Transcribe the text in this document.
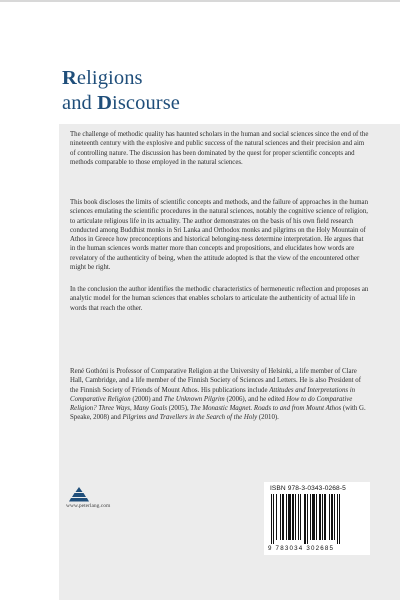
Religions
and Discourse

The challenge of methodic quality has haunted scholars in the human and social sciences since the end of the nineteenth century with the explosive and public success of the natural sciences and their precision and aim of controlling nature. The discussion has been dominated by the quest for proper scientific concepts and methods comparable to those employed in the natural sciences.

This book discloses the limits of scientific concepts and methods, and the failure of approaches in the human sciences emulating the scientific procedures in the natural sciences, notably the cognitive science of religion, to articulate religious life in its actuality. The author demonstrates on the basis of his own field research conducted among Buddhist monks in Sri Lanka and Orthodox monks and pilgrims on the Holy Mountain of Athos in Greece how preconceptions and historical belonging-ness determine interpretation. He argues that in the human sciences words matter more than concepts and propositions, and elucidates how words are revelatory of the authenticity of being, when the attitude adopted is that the view of the encountered other might be right.

In the conclusion the author identifies the methodic characteristics of hermeneutic reflection and proposes an analytic model for the human sciences that enables scholars to articulate the authenticity of actual life in words that reach the other.

René Gothóni is Professor of Comparative Religion at the University of Helsinki, a life member of Clare Hall, Cambridge, and a life member of the Finnish Society of Sciences and Letters. He is also President of the Finnish Society of Friends of Mount Athos. His publications include Attitudes and Interpretations in Comparative Religion (2000) and The Unknown Pilgrim (2006), and he edited How to do Comparative Religion? Three Ways, Many Goals (2005), The Monastic Magnet. Roads to and from Mount Athos (with G. Speake, 2008) and Pilgrims and Travellers in the Search of the Holy (2010).

www.peterlang.com
ISBN 978-3-0343-0268-5
9 783034 302685
